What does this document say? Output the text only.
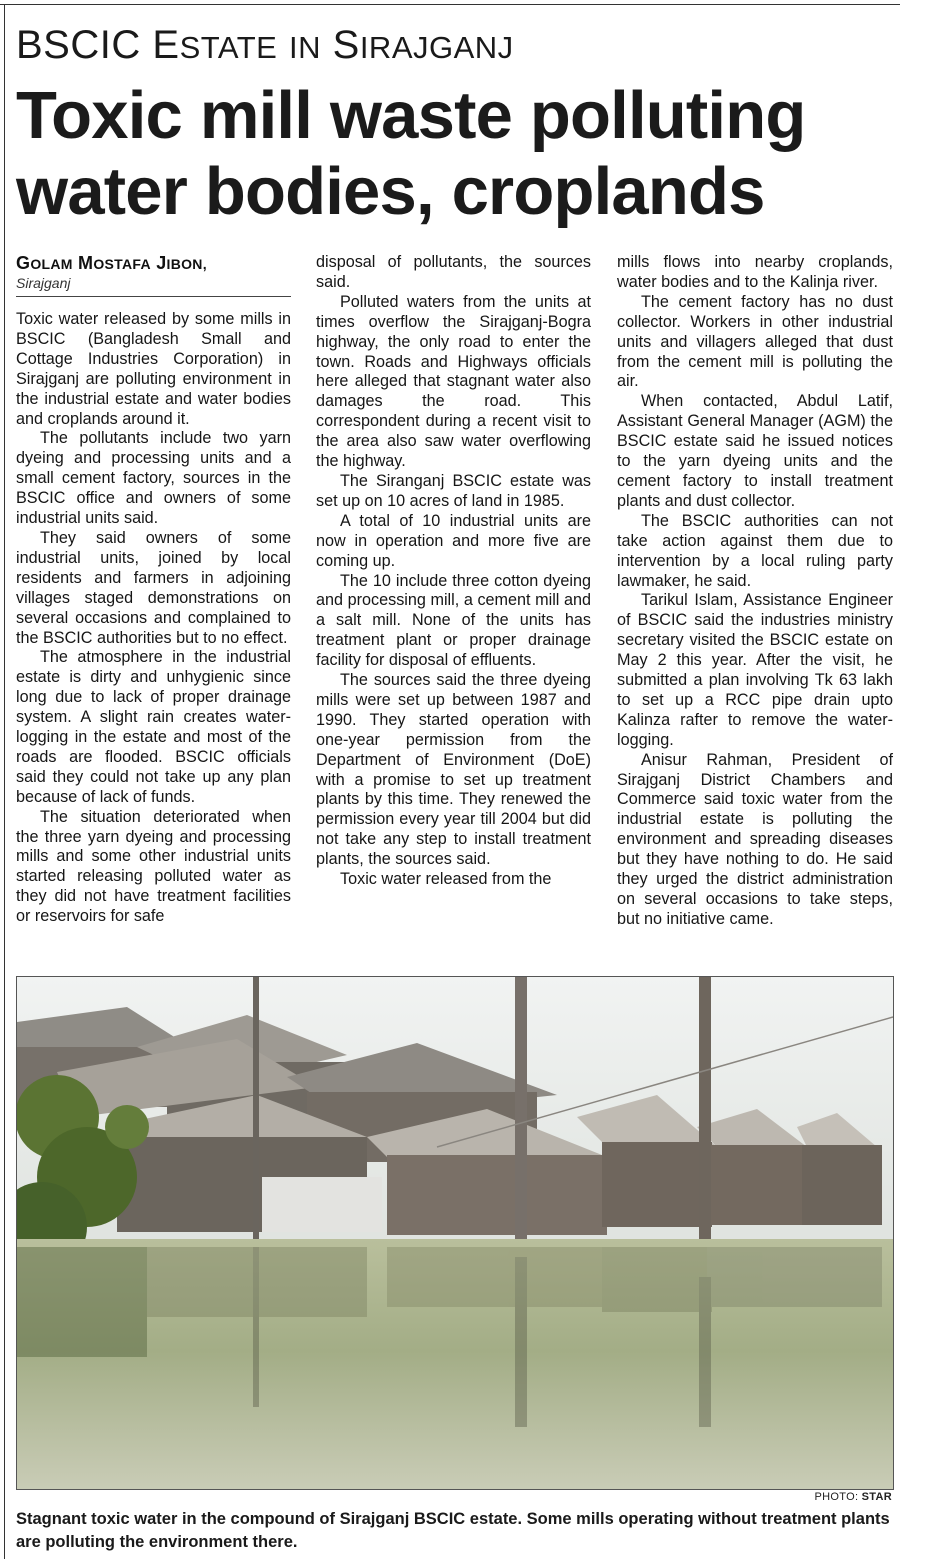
BSCIC ESTATE IN SIRAJGANJ
Toxic mill waste polluting water bodies, croplands
GOLAM MOSTAFA JIBON,
Sirajganj

Toxic water released by some mills in BSCIC (Bangladesh Small and Cottage Industries Corporation) in Sirajganj are polluting environment in the industrial estate and water bodies and croplands around it.

The pollutants include two yarn dyeing and processing units and a small cement factory, sources in the BSCIC office and owners of some industrial units said.

They said owners of some industrial units, joined by local residents and farmers in adjoining villages staged demonstrations on several occasions and complained to the BSCIC authorities but to no effect.

The atmosphere in the industrial estate is dirty and unhygienic since long due to lack of proper drainage system. A slight rain creates water-logging in the estate and most of the roads are flooded. BSCIC officials said they could not take up any plan because of lack of funds.

The situation deteriorated when the three yarn dyeing and processing mills and some other industrial units started releasing polluted water as they did not have treatment facilities or reservoirs for safe

disposal of pollutants, the sources said.

Polluted waters from the units at times overflow the Sirajganj-Bogra highway, the only road to enter the town. Roads and Highways officials here alleged that stagnant water also damages the road. This correspondent during a recent visit to the area also saw water overflowing the highway.

The Siranganj BSCIC estate was set up on 10 acres of land in 1985.

A total of 10 industrial units are now in operation and more five are coming up.

The 10 include three cotton dyeing and processing mill, a cement mill and a salt mill. None of the units has treatment plant or proper drainage facility for disposal of effluents.

The sources said the three dyeing mills were set up between 1987 and 1990. They started operation with one-year permission from the Department of Environment (DoE) with a promise to set up treatment plants by this time. They renewed the permission every year till 2004 but did not take any step to install treatment plants, the sources said.

Toxic water released from the

mills flows into nearby croplands, water bodies and to the Kalinja river.

The cement factory has no dust collector. Workers in other industrial units and villagers alleged that dust from the cement mill is polluting the air.

When contacted, Abdul Latif, Assistant General Manager (AGM) the BSCIC estate said he issued notices to the yarn dyeing units and the cement factory to install treatment plants and dust collector.

The BSCIC authorities can not take action against them due to intervention by a local ruling party lawmaker, he said.

Tarikul Islam, Assistance Engineer of BSCIC said the industries ministry secretary visited the BSCIC estate on May 2 this year. After the visit, he submitted a plan involving Tk 63 lakh to set up a RCC pipe drain upto Kalinza rafter to remove the water-logging.

Anisur Rahman, President of Sirajganj District Chambers and Commerce said toxic water from the industrial estate is polluting the environment and spreading diseases but they have nothing to do. He said they urged the district administration on several occasions to take steps, but no initiative came.

PHOTO: STAR
Stagnant toxic water in the compound of Sirajganj BSCIC estate. Some mills operating without treatment plants are polluting the environment there.
